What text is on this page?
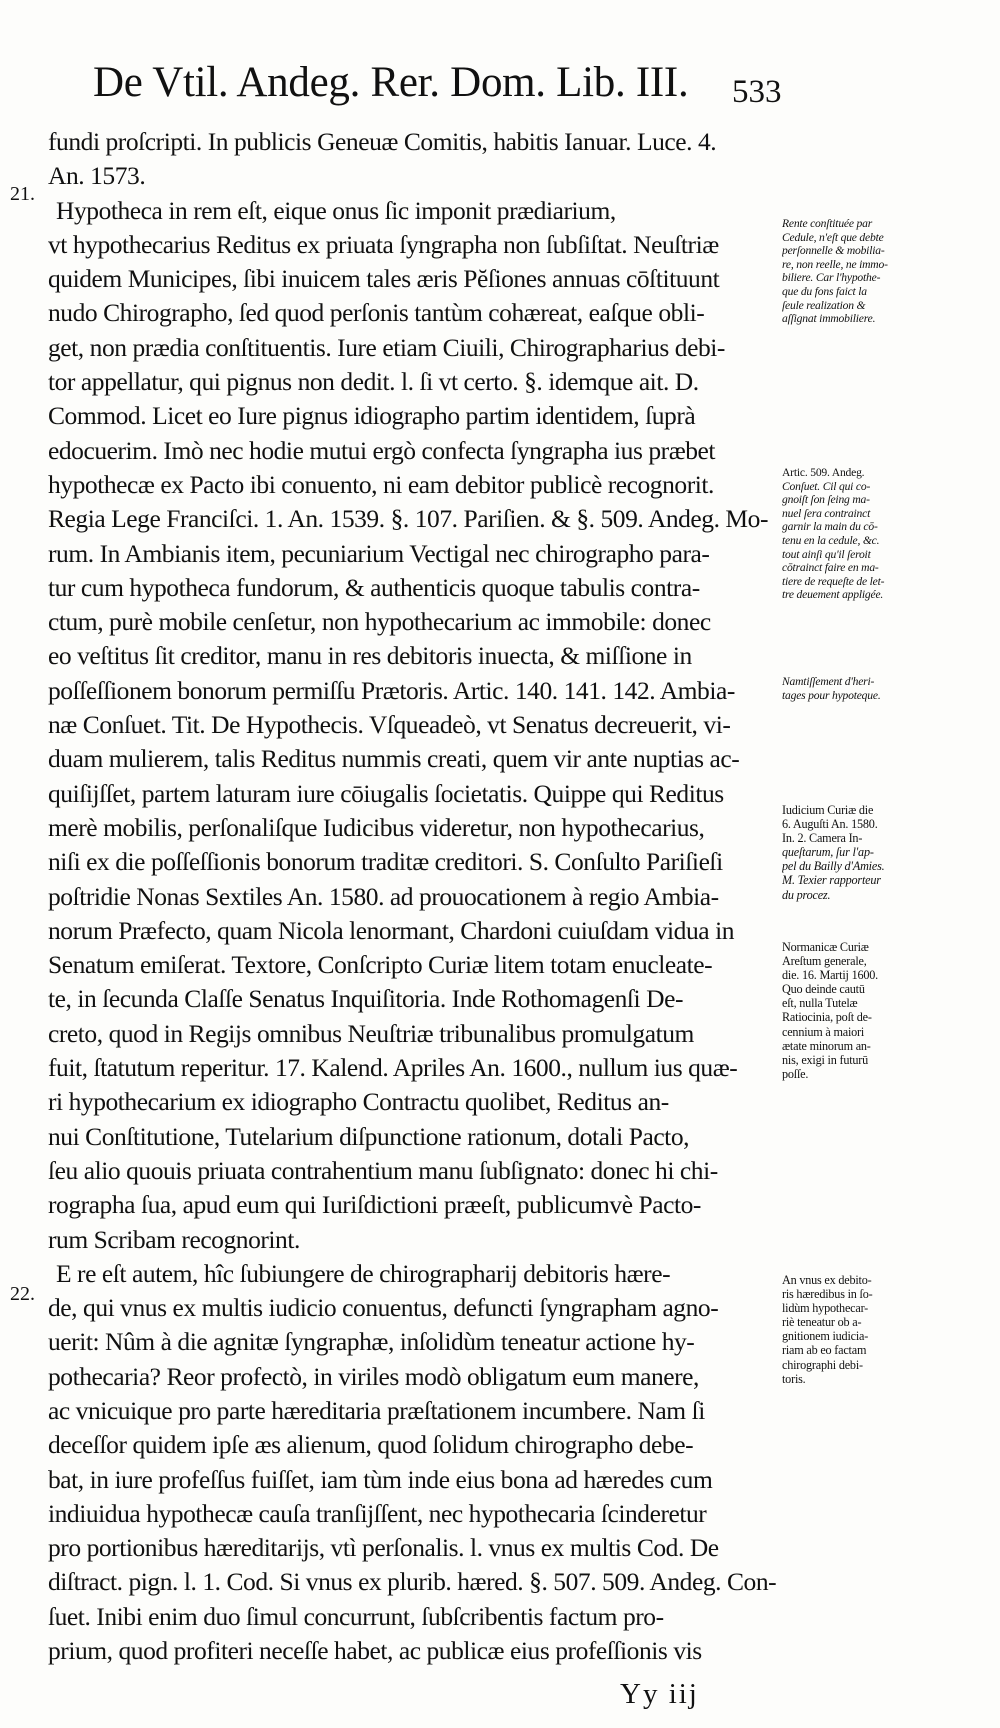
De Vtil. Andeg. Rer. Dom. Lib. III.	533
21.
22.
fundi proſcripti. In publicis Geneuæ Comitis, habitis Ianuar. Luce. 4.
An. 1573.
Hypotheca in rem eſt, eique onus ſic imponit prædiarium,
vt hypothecarius Reditus ex priuata ſyngrapha non ſubſiſtat. Neuſtriæ
quidem Municipes, ſibi inuicem tales æris Pĕſiones annuas cōſtituunt
nudo Chirographo, ſed quod perſonis tantùm cohæreat, eaſque obli-
get, non prædia conſtituentis. Iure etiam Ciuili, Chirographarius debi-
tor appellatur, qui pignus non dedit. l. ſi vt certo. §. idemque ait. D.
Commod. Licet eo Iure pignus idiographo partim identidem, ſuprà
edocuerim. Imò nec hodie mutui ergò confecta ſyngrapha ius præbet
hypothecæ ex Pacto ibi conuento, ni eam debitor publicè recognorit.
Regia Lege Franciſci. 1. An. 1539. §. 107. Pariſien. & §. 509. Andeg. Mo-
rum. In Ambianis item, pecuniarium Vectigal nec chirographo para-
tur cum hypotheca fundorum, & authenticis quoque tabulis contra-
ctum, purè mobile cenſetur, non hypothecarium ac immobile: donec
eo veſtitus ſit creditor, manu in res debitoris inuecta, & miſſione in
poſſeſſionem bonorum permiſſu Prætoris. Artic. 140. 141. 142. Ambia-
næ Conſuet. Tit. De Hypothecis. Vſqueadeò, vt Senatus decreuerit, vi-
duam mulierem, talis Reditus nummis creati, quem vir ante nuptias ac-
quiſijſſet, partem laturam iure cōiugalis ſocietatis. Quippe qui Reditus
merè mobilis, perſonaliſque Iudicibus videretur, non hypothecarius,
niſi ex die poſſeſſionis bonorum traditæ creditori. S. Conſulto Pariſieſi
poſtridie Nonas Sextiles An. 1580. ad prouocationem à regio Ambia-
norum Præfecto, quam Nicola lenormant, Chardoni cuiuſdam vidua in
Senatum emiſerat. Textore, Conſcripto Curiæ litem totam enucleate-
te, in ſecunda Claſſe Senatus Inquiſitoria. Inde Rothomagenſi De-
creto, quod in Regijs omnibus Neuſtriæ tribunalibus promulgatum
fuit, ſtatutum reperitur. 17. Kalend. Apriles An. 1600., nullum ius quæ-
ri hypothecarium ex idiographo Contractu quolibet, Reditus an-
nui Conſtitutione, Tutelarium diſpunctione rationum, dotali Pacto,
ſeu alio quouis priuata contrahentium manu ſubſignato: donec hi chi-
rographa ſua, apud eum qui Iuriſdictioni præeſt, publicumvè Pacto-
rum Scribam recognorint.
E re eſt autem, hîc ſubiungere de chirographarij debitoris hære-
de, qui vnus ex multis iudicio conuentus, defuncti ſyngrapham agno-
uerit: Nûm à die agnitæ ſyngraphæ, inſolidùm teneatur actione hy-
pothecaria? Reor profectò, in viriles modò obligatum eum manere,
ac vnicuique pro parte hæreditaria præſtationem incumbere. Nam ſi
deceſſor quidem ipſe æs alienum, quod ſolidum chirographo debe-
bat, in iure profeſſus fuiſſet, iam tùm inde eius bona ad hæredes cum
indiuidua hypothecæ cauſa tranſijſſent, nec hypothecaria ſcinderetur
pro portionibus hæreditarijs, vtì perſonalis. l. vnus ex multis Cod. De
diſtract. pign. l. 1. Cod. Si vnus ex plurib. hæred. §. 507. 509. Andeg. Con-
ſuet. Inibi enim duo ſimul concurrunt, ſubſcribentis factum pro-
prium, quod profiteri neceſſe habet, ac publicæ eius profeſſionis vis
Rente conſtituée par
Cedule, n'eſt que debte
perſonnelle & mobilia-
re, non reelle, ne immo-
biliere. Car l'hypothe-
que du fons faict la
ſeule realization &
aſſignat immobiliere.
Artic. 509. Andeg.
Conſuet. Cil qui co-
gnoiſt ſon ſeing ma-
nuel ſera contrainct
garnir la main du cō-
tenu en la cedule, &c.
tout ainſi qu'il ſeroit
cōtrainct faire en ma-
tiere de requeſte de let-
tre deuement appligée.
Namtiſſement d'heri-
tages pour hypoteque.
Iudicium Curiæ die
6. Auguſti An. 1580.
In. 2. Camera In-
queſtarum, ſur l'ap-
pel du Bailly d'Amies.
M. Texier rapporteur
du procez.
Normanicæ Curiæ
Areſtum generale,
die. 16. Martij 1600.
Quo deinde cautū
eſt, nulla Tutelæ
Ratiocinia, poſt de-
cennium à maiori
ætate minorum an-
nis, exigi in futurū
poſſe.
An vnus ex debito-
ris hæredibus in ſo-
lidùm hypothecar-
riè teneatur ob a-
gnitionem iudicia-
riam ab eo factam
chirographi debi-
toris.
Yy iij
